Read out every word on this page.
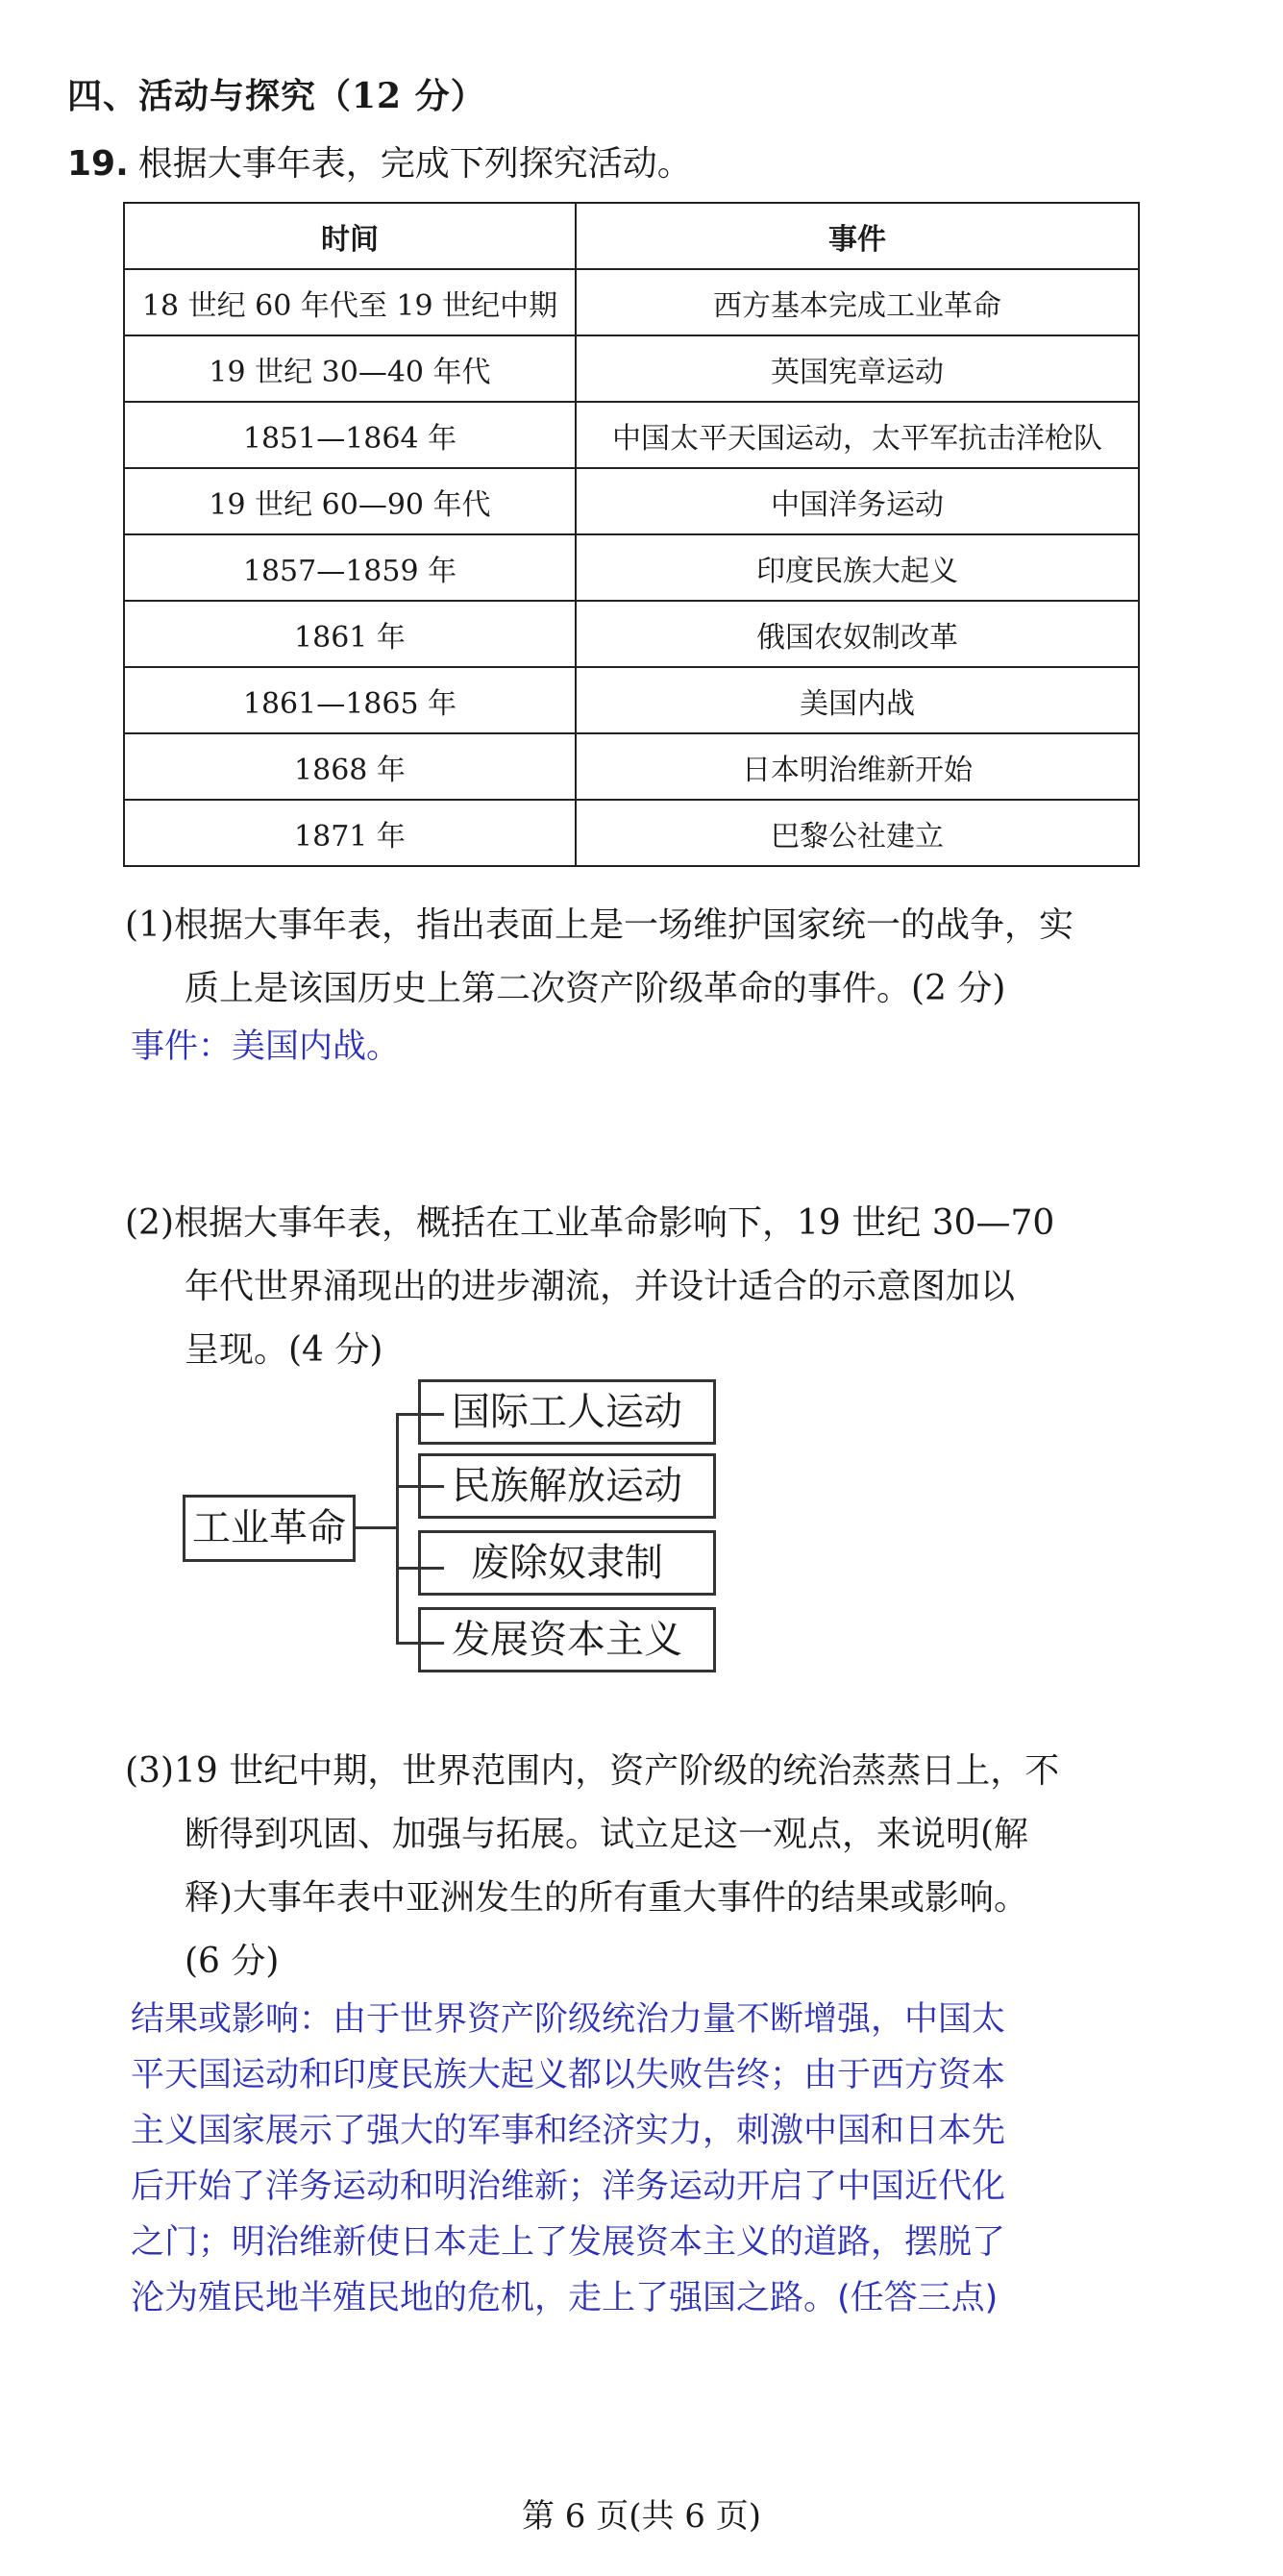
四、活动与探究（12 分）
19. 根据大事年表，完成下列探究活动。
时间	事件
18 世纪 60 年代至 19 世纪中期	西方基本完成工业革命
19 世纪 30—40 年代	英国宪章运动
1851—1864 年	中国太平天国运动，太平军抗击洋枪队
19 世纪 60—90 年代	中国洋务运动
1857—1859 年	印度民族大起义
1861 年	俄国农奴制改革
1861—1865 年	美国内战
1868 年	日本明治维新开始
1871 年	巴黎公社建立
(1)根据大事年表，指出表面上是一场维护国家统一的战争，实
质上是该国历史上第二次资产阶级革命的事件。(2 分)
事件：美国内战。
(2)根据大事年表，概括在工业革命影响下，19 世纪 30—70
年代世界涌现出的进步潮流，并设计适合的示意图加以
呈现。(4 分)
工业革命
国际工人运动
民族解放运动
废除奴隶制
发展资本主义
(3)19 世纪中期，世界范围内，资产阶级的统治蒸蒸日上，不
断得到巩固、加强与拓展。试立足这一观点，来说明(解
释)大事年表中亚洲发生的所有重大事件的结果或影响。
(6 分)
结果或影响：由于世界资产阶级统治力量不断增强，中国太
平天国运动和印度民族大起义都以失败告终；由于西方资本
主义国家展示了强大的军事和经济实力，刺激中国和日本先
后开始了洋务运动和明治维新；洋务运动开启了中国近代化
之门；明治维新使日本走上了发展资本主义的道路，摆脱了
沦为殖民地半殖民地的危机，走上了强国之路。(任答三点)
第 6 页(共 6 页)
